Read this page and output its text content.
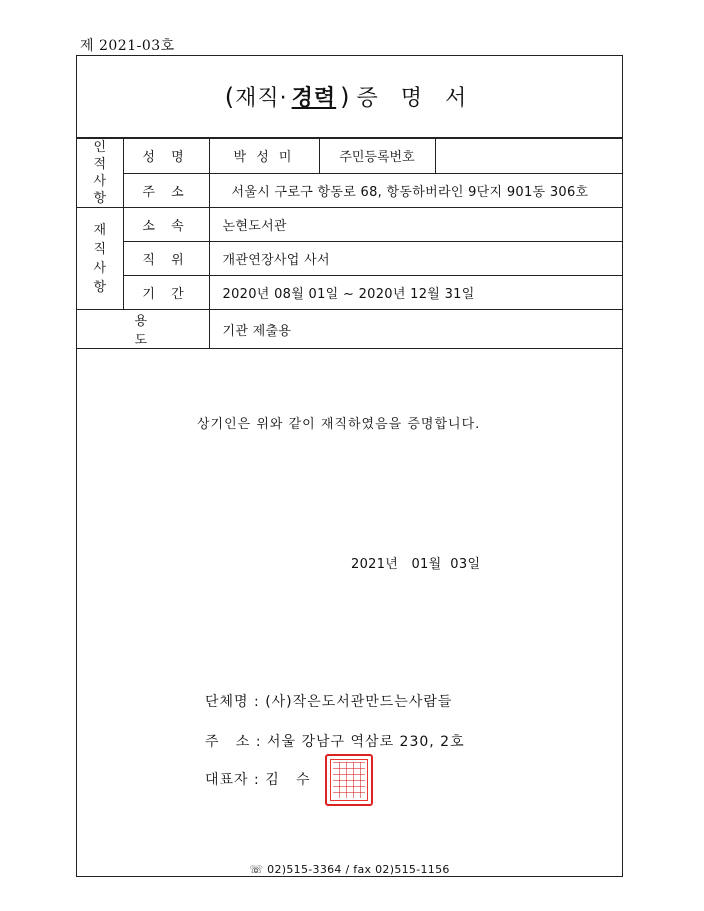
제 2021-03호
( 재직· 경력 ) 증 명 서
인
적
사
항	성 명	박 성 미	주민등록번호	
	주 소	서울시 구로구 항동로 68, 항동하버라인 9단지 901동 306호		

재
직
사
항	소 속	논현도서관		
	직 위	개관연장사업 사서		
	기 간	2020년 08월 01일 ~ 2020년 12월 31일		
용 도		기관 제출용		
상기인은 위와 같이 재직하였음을 증명합니다.
2021년   01월  03일
단체명 : (사)작은도서관만드는사람들
주   소 : 서울 강남구 역삼로 230, 2호
대표자 : 김   수
☏ 02)515-3364 / fax 02)515-1156
